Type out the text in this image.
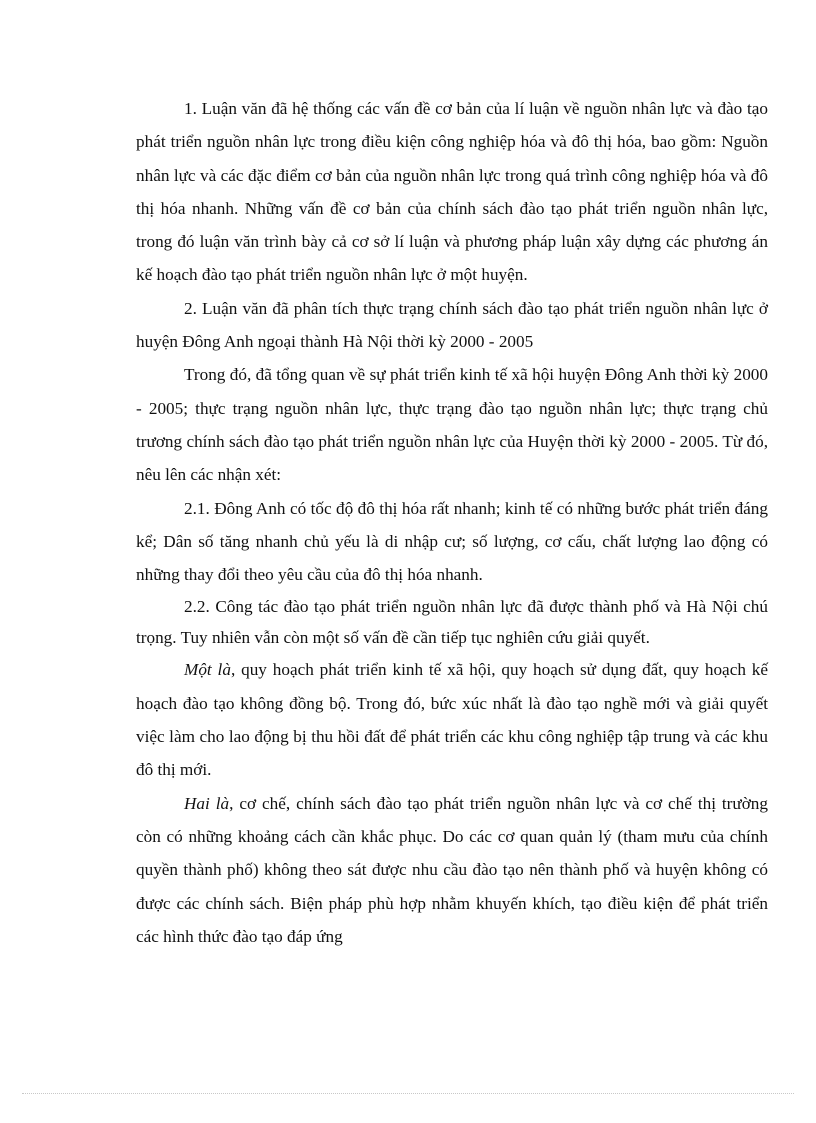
1. Luận văn đã hệ thống các vấn đề cơ bản của lí luận về nguồn nhân lực và đào tạo phát triển nguồn nhân lực trong điều kiện công nghiệp hóa và đô thị hóa, bao gồm: Nguồn nhân lực và các đặc điểm cơ bản của nguồn nhân lực trong quá trình công nghiệp hóa và đô thị hóa nhanh. Những vấn đề cơ bản của chính sách đào tạo phát triển nguồn nhân lực, trong đó luận văn trình bày cả cơ sở lí luận và phương pháp luận xây dựng các phương án kế hoạch đào tạo phát triển nguồn nhân lực ở một huyện.

2. Luận văn đã phân tích thực trạng chính sách đào tạo phát triển nguồn nhân lực ở huyện Đông Anh ngoại thành Hà Nội thời kỳ 2000 - 2005

Trong đó, đã tổng quan về sự phát triển kinh tế xã hội huyện Đông Anh thời kỳ 2000 - 2005; thực trạng nguồn nhân lực, thực trạng đào tạo nguồn nhân lực; thực trạng chủ trương chính sách đào tạo phát triển nguồn nhân lực của Huyện thời kỳ 2000 - 2005. Từ đó, nêu lên các nhận xét:

2.1. Đông Anh có tốc độ đô thị hóa rất nhanh; kinh tế có những bước phát triển đáng kể; Dân số tăng nhanh chủ yếu là di nhập cư; số lượng, cơ cấu, chất lượng lao động có những thay đổi theo yêu cầu của đô thị hóa nhanh.

2.2. Công tác đào tạo phát triển nguồn nhân lực đã được thành phố và Hà Nội chú trọng. Tuy nhiên vẫn còn một số vấn đề cần tiếp tục nghiên cứu giải quyết.

Một là, quy hoạch phát triển kinh tế xã hội, quy hoạch sử dụng đất, quy hoạch kế hoạch đào tạo không đồng bộ. Trong đó, bức xúc nhất là đào tạo nghề mới và giải quyết việc làm cho lao động bị thu hồi đất để phát triển các khu công nghiệp tập trung và các khu đô thị mới.

Hai là, cơ chế, chính sách đào tạo phát triển nguồn nhân lực và cơ chế thị trường còn có những khoảng cách cần khắc phục. Do các cơ quan quản lý (tham mưu của chính quyền thành phố) không theo sát được nhu cầu đào tạo nên thành phố và huyện không có được các chính sách. Biện pháp phù hợp nhằm khuyến khích, tạo điều kiện để phát triển các hình thức đào tạo đáp ứng
